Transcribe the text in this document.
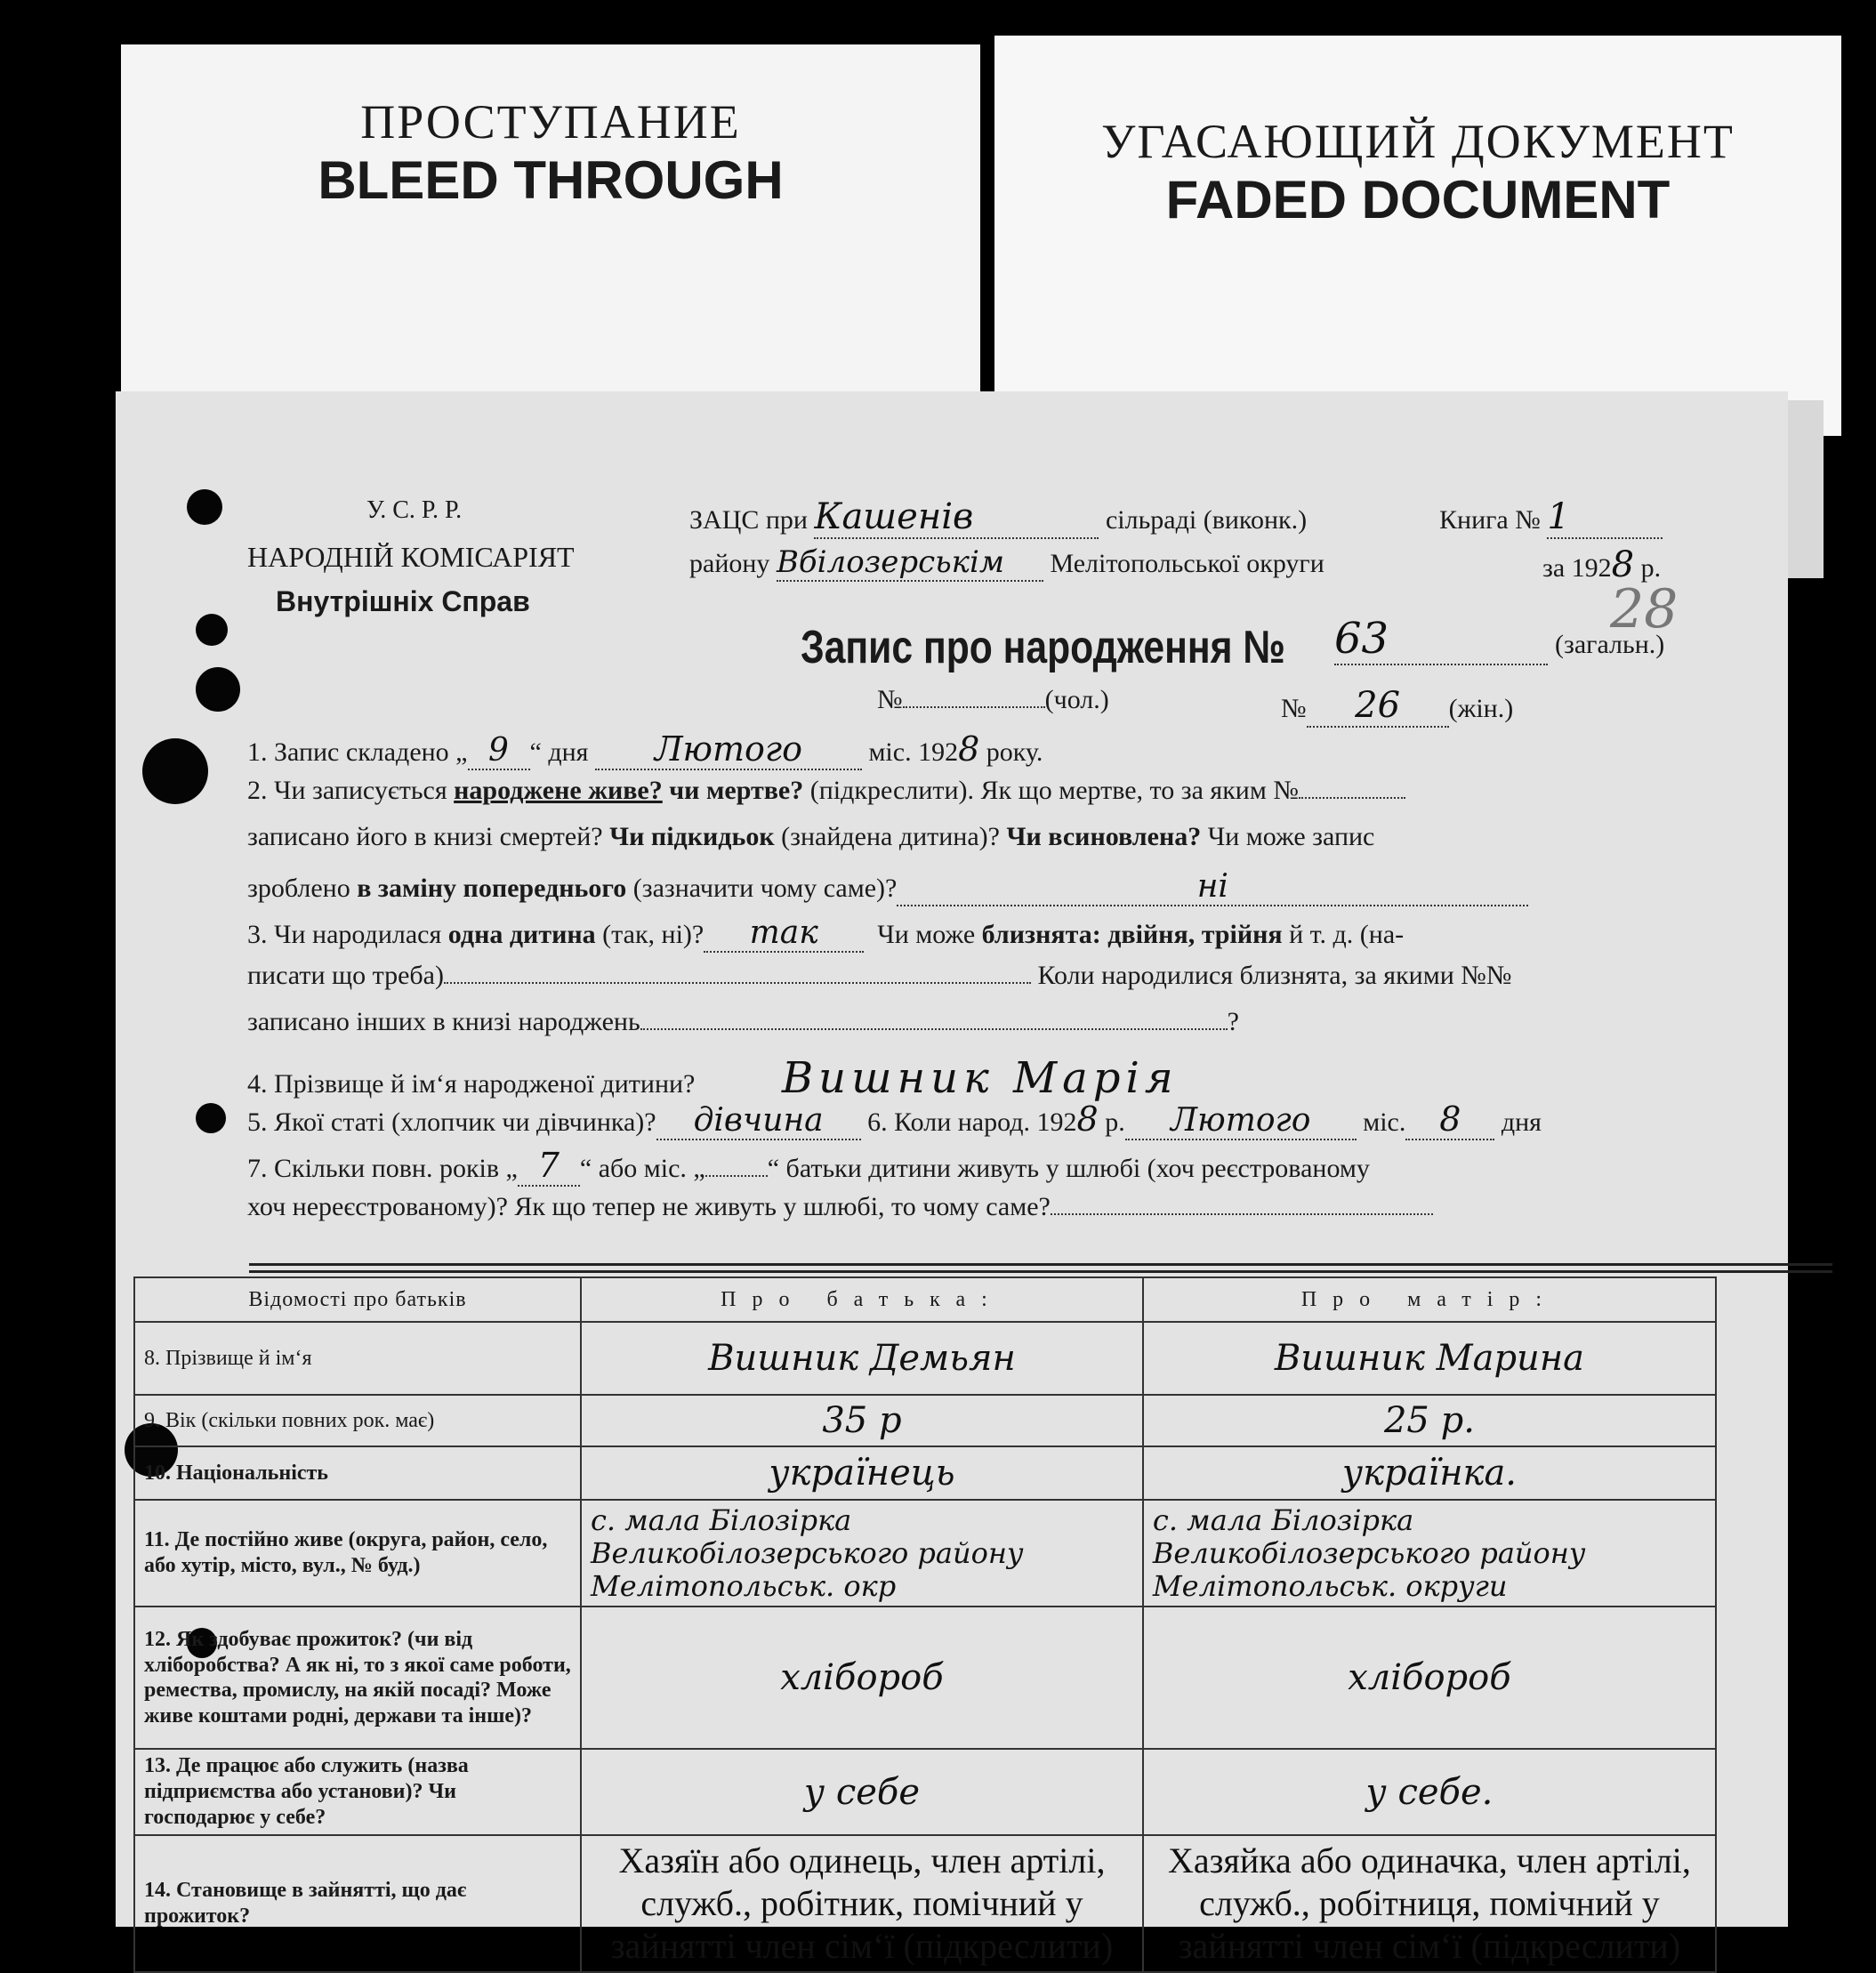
ПРОСТУПАНИЕ
BLEED THROUGH
УГАСАЮЩИЙ ДОКУМЕНТ
FADED DOCUMENT
У. С. Р. Р.
НАРОДНІЙ КОМІСАРІЯТ
Внутрішніх Справ
ЗАЦС при Кашенів	сільраді (виконк.)	Книга № 1
району Вбілозерськім Мелітопольської округи	за 1928 р.
28
Запис про народження № 63	(загальн.)
№	(чол.)	№ 26 (жін.)
1. Запис складено „ 9 “ дня Лютого міс. 1928 року.
2. Чи записується народжене живе? чи мертве? (підкреслити). Як що мертве, то за яким №
записано його в книзі смертей? Чи підкидьок (знайдена дитина)? Чи всиновлена? Чи може запис
зроблено в заміну попереднього (зазначити чому саме)?	ні
3. Чи народилася одна дитина (так, ні)? так Чи може близнята: двійня, трійня й т. д. (на-
писати що треба)	Коли народилися близнята, за якими №№
записано інших в книзі народжень	?
4. Прізвище й ім‘я народженої дитини? Вишник Марія
5. Якої статі (хлопчик чи дівчинка)? дівчина 6. Коли народ. 1928 р. Лютого міс. 8 дня
7. Скільки повн. років „ 7 “ або міс. „ “ батьки дитини живуть у шлюбі (хоч реєстрованому
хоч нереєстрованому)? Як що тепер не живуть у шлюбі, то чому саме?
Відомості про батьків	Про батька:	Про матір:
8. Прізвище й ім‘я	Вишник Демьян	Вишник Марина
9. Вік (скільки повних рок. має)	35 р	25 р.
10. Національність	українець	українка.
11. Де постійно живе (округа, район, село, або хутір, місто, вул., № буд.)	с. мала Білозірка Великобілозерського району Мелітопольськ. окр	с. мала Білозірка Великобілозерського району Мелітопольськ. округи
12. Як здобуває прожиток? (чи від хліборобства? А як ні, то з якої саме роботи, ремества, промислу, на якій посаді? Може живе коштами родні, держави та інше)?	хлібороб	хлібороб
13. Де працює або служить (назва підприємства або установи)? Чи господарює у себе?	у себе	у себе.
14. Становище в зайнятті, що дає прожиток?	Хазяїн або одинець, член артілі, служб., робітник, помічний у зайнятті член сім‘ї (підкреслити)	Хазяйка або одиначка, член артілі, служб., робітниця, помічний у зайнятті член сім‘ї (підкреслити)
